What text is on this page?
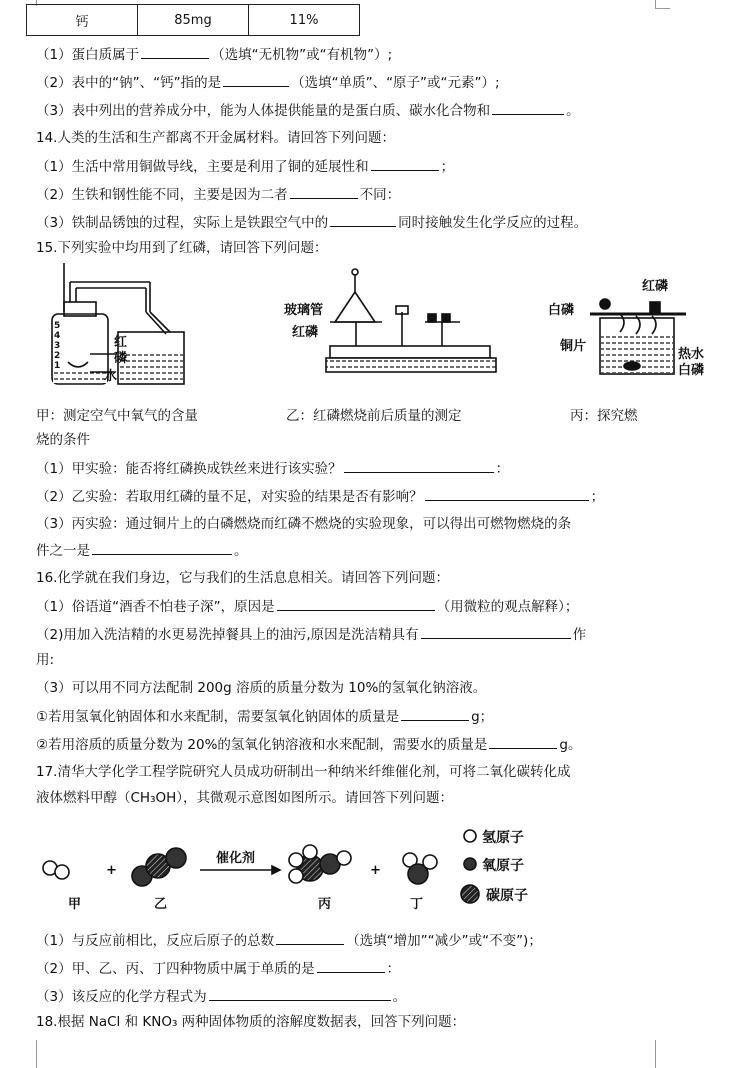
钙	85mg	11%
（1）蛋白质属于	（选填“无机物”或“有机物”）;
（2）表中的“钠”、“钙”指的是	（选填“单质”、“原子”或“元素”）;
（3）表中列出的营养成分中，能为人体提供能量的是蛋白质、碳水化合物和	。
14.人类的生活和生产都离不开金属材料。请回答下列问题：
（1）生活中常用铜做导线，主要是利用了铜的延展性和	；
（2）生铁和钢性能不同，主要是因为二者	不同：
（3）铁制品锈蚀的过程，实际上是铁跟空气中的	同时接触发生化学反应的过程。
15.下列实验中均用到了红磷，请回答下列问题：
烧的条件
（1）甲实验：能否将红磷换成铁丝来进行该实验？	：
（2）乙实验：若取用红磷的量不足，对实验的结果是否有影响？	；
（3）丙实验：通过铜片上的白磷燃烧而红磷不燃烧的实验现象，可以得出可燃物燃烧的条
件之一是	。
16.化学就在我们身边，它与我们的生活息息相关。请回答下列问题：
（1）俗语道“酒香不怕巷子深”，原因是	（用微粒的观点解释）；
（2)用加入洗洁精的水更易洗掉餐具上的油污,原因是洗洁精具有	作
用:
（3）可以用不同方法配制 200g 溶质的质量分数为 10%的氢氧化钠溶液。
①若用氢氧化钠固体和水来配制，需要氢氧化钠固体的质量是	g；
②若用溶质的质量分数为 20%的氢氧化钠溶液和水来配制，需要水的质量是	g。
17.清华大学化学工程学院研究人员成功研制出一种纳米纤维催化剂，可将二氧化碳转化成
液体燃料甲醇（CH₃OH），其微观示意图如图所示。请回答下列问题：
（1）与反应前相比，反应后原子的总数	（选填“增加”“减少”或“不变”)；
（2）甲、乙、丙、丁四种物质中属于单质的是	：
（3）该反应的化学方程式为	。
18.根据 NaCl 和 KNO₃ 两种固体物质的溶解度数据表，回答下列问题：
红
磷
水
5
4
3
2
1
玻璃管
红磷
红磷
白磷
铜片
热水
白磷
甲：测定空气中氧气的含量	乙：红磷燃烧前后质量的测定	丙：探究燃
催化剂
+	+
甲	乙	丙
氢原子
氧原子
碳原子
丁
